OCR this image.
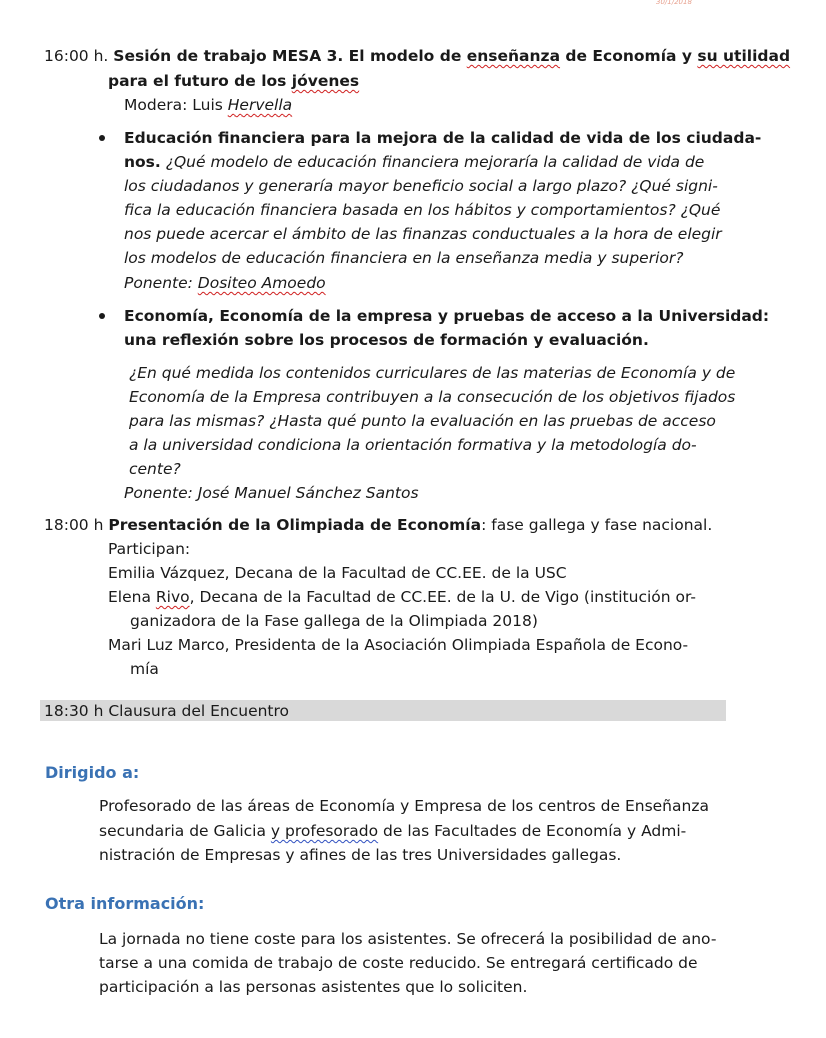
30/1/2018
16:00 h. Sesión de trabajo MESA 3. El modelo de enseñanza de Economía y su utilidad
para el futuro de los jóvenes
Modera: Luis Hervella
Educación financiera para la mejora de la calidad de vida de los ciudada-
nos. ¿Qué modelo de educación financiera mejoraría la calidad de vida de
los ciudadanos y generaría mayor beneficio social a largo plazo? ¿Qué signi-
fica la educación financiera basada en los hábitos y comportamientos? ¿Qué
nos puede acercar el ámbito de las finanzas conductuales a la hora de elegir
los modelos de educación financiera en la enseñanza media y superior?
Ponente: Dositeo Amoedo
Economía, Economía de la empresa y pruebas de acceso a la Universidad:
una reflexión sobre los procesos de formación y evaluación.
¿En qué medida los contenidos curriculares de las materias de Economía y de
Economía de la Empresa contribuyen a la consecución de los objetivos fijados
para las mismas? ¿Hasta qué punto la evaluación en las pruebas de acceso
a la universidad condiciona la orientación formativa y la metodología do-
cente?
Ponente: José Manuel Sánchez Santos
18:00 h Presentación de la Olimpiada de Economía: fase gallega y fase nacional.
Participan:
Emilia Vázquez, Decana de la Facultad de CC.EE. de la USC
Elena Rivo, Decana de la Facultad de CC.EE. de la U. de Vigo (institución or-
ganizadora de la Fase gallega de la Olimpiada 2018)
Mari Luz Marco, Presidenta de la Asociación Olimpiada Española de Econo-
mía
18:30 h Clausura del Encuentro
Dirigido a:
Profesorado de las áreas de Economía y Empresa de los centros de Enseñanza
secundaria de Galicia y profesorado de las Facultades de Economía y Admi-
nistración de Empresas y afines de las tres Universidades gallegas.
Otra información:
La jornada no tiene coste para los asistentes. Se ofrecerá la posibilidad de ano-
tarse a una comida de trabajo de coste reducido. Se entregará certificado de
participación a las personas asistentes que lo soliciten.
